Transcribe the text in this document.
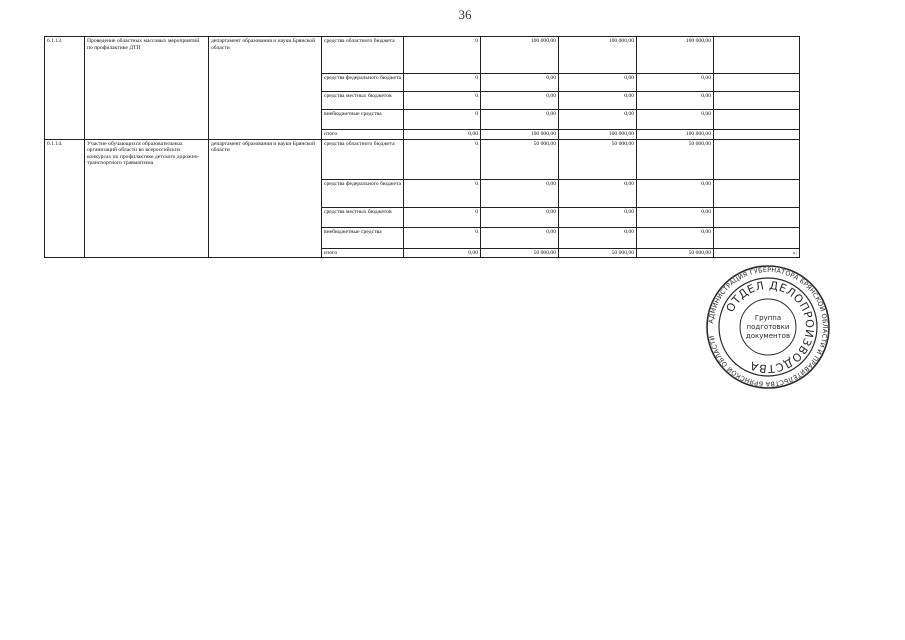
36
6.1.13.	Проведение областных массовых мероприятий по профилактике ДТП	департамент образования и науки Брянской области	средства областного бюджета	0	100 000,00	100 000,00	100 000,00	
			средства федерального бюджета	0	0,00	0,00	0,00	
			средства местных бюджетов	0	0,00	0,00	0,00	
			внебюджетные средства	0	0,00	0,00	0,00	
			итого	0,00	100 000,00	100 000,00	100 000,00	
6.1.14.	Участие обучающихся образовательных организаций области во всероссийских конкурсах по профилактике детского дорожно-транспортного травматизма	департамент образования и науки Брянской области	средства областного бюджета	0	50 000,00	50 000,00	50 000,00	
			средства федерального бюджета	0	0,00	0,00	0,00	
			средства местных бюджетов	0	0,00	0,00	0,00	
			внебюджетные средства	0	0,00	0,00	0,00	
			итого	0,00	50 000,00	50 000,00	50 000,00	»;
АДМИНИСТРАЦИЯ ГУБЕРНАТОРА БРЯНСКОЙ ОБЛАСТИ И ПРАВИТЕЛЬСТВА БРЯНСКОЙ ОБЛАСТИ
ОТДЕЛ ДЕЛОПРОИЗВОДСТВА
Группа
подготовки
документов
